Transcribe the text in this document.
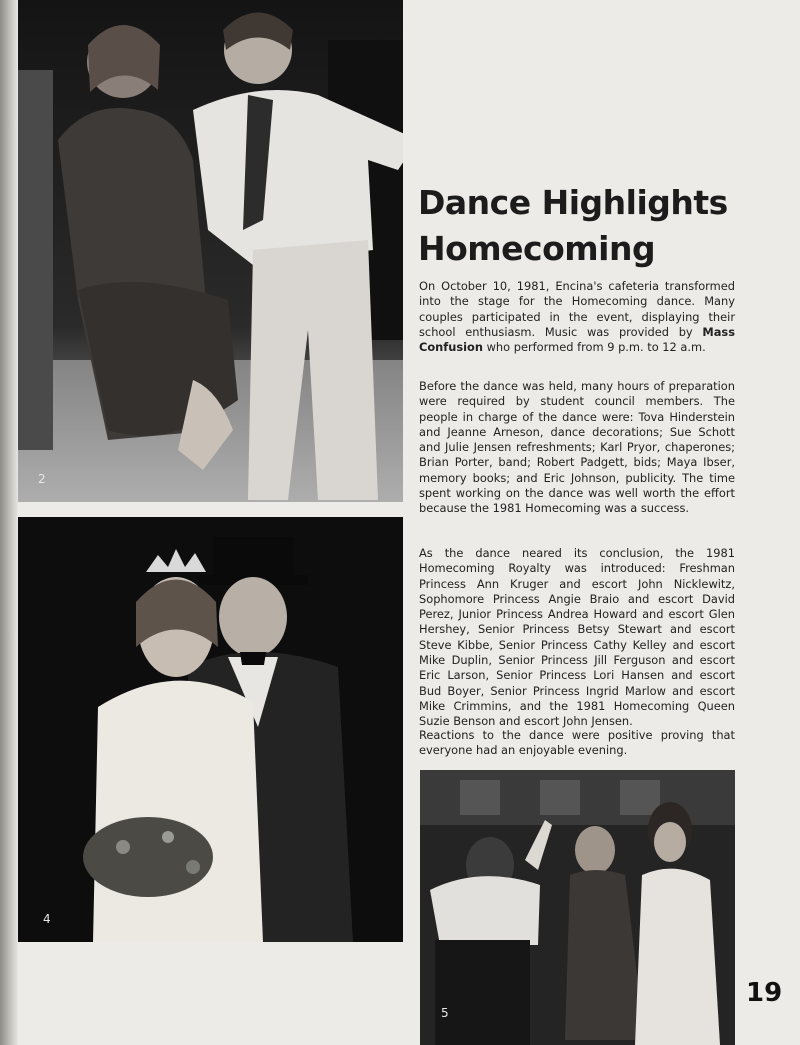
2
4
5
Dance Highlights
Homecoming

On October 10, 1981, Encina's cafeteria transformed into the stage for the Homecoming dance. Many couples participated in the event, displaying their school enthusiasm. Music was provided by Mass Confusion who performed from 9 p.m. to 12 a.m.

Before the dance was held, many hours of preparation were required by student council members. The people in charge of the dance were: Tova Hinderstein and Jeanne Arneson, dance decorations; Sue Schott and Julie Jensen refreshments; Karl Pryor, chaperones; Brian Porter, band; Robert Padgett, bids; Maya Ibser, memory books; and Eric Johnson, publicity. The time spent working on the dance was well worth the effort because the 1981 Homecoming was a success.

As the dance neared its conclusion, the 1981 Homecoming Royalty was introduced: Freshman Princess Ann Kruger and escort John Nicklewitz, Sophomore Princess Angie Braio and escort David Perez, Junior Princess Andrea Howard and escort Glen Hershey, Senior Princess Betsy Stewart and escort Steve Kibbe, Senior Princess Cathy Kelley and escort Mike Duplin, Senior Princess Jill Ferguson and escort Eric Larson, Senior Princess Lori Hansen and escort Bud Boyer, Senior Princess Ingrid Marlow and escort Mike Crimmins, and the 1981 Homecoming Queen Suzie Benson and escort John Jensen.

Reactions to the dance were positive proving that everyone had an enjoyable evening.

19
